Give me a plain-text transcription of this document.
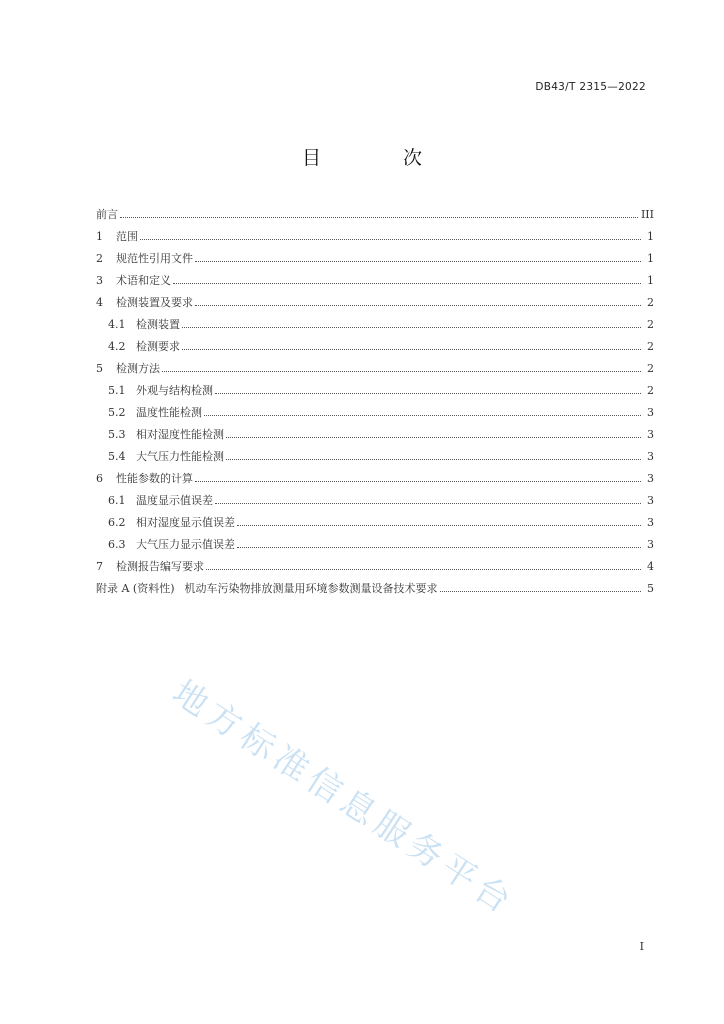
DB43/T 2315—2022
目 次
前言	III
1	范围	1
2	规范性引用文件	1
3	术语和定义	1
4	检测装置及要求	2
4.1 检测装置	2
4.2 检测要求	2
5	检测方法	2
5.1 外观与结构检测	2
5.2 温度性能检测	3
5.3 相对湿度性能检测	3
5.4 大气压力性能检测	3
6	性能参数的计算	3
6.1 温度显示值误差	3
6.2 相对湿度显示值误差	3
6.3 大气压力显示值误差	3
7	检测报告编写要求	4
附录 A (资料性) 机动车污染物排放测量用环境参数测量设备技术要求	5
地方标准信息服务平台
I
